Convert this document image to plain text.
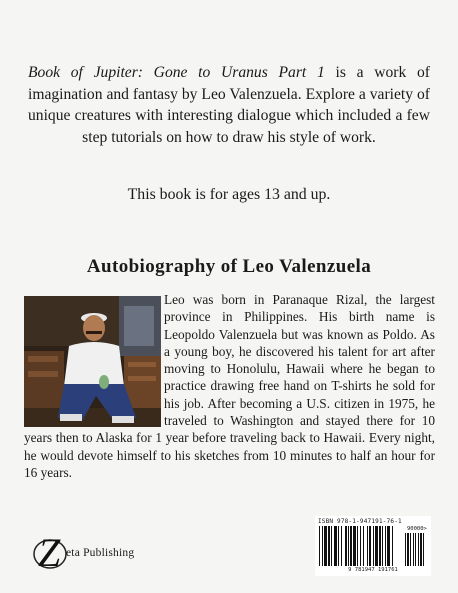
Book of Jupiter: Gone to Uranus Part 1 is a work of imagination and fantasy by Leo Valenzuela. Explore a variety of unique creatures with interesting dialogue which included a few step tutorials on how to draw his style of work.
This book is for ages 13 and up.
Autobiography of Leo Valenzuela
Leo was born in Paranaque Rizal, the largest province in Philippines. His birth name is Leopoldo Valenzuela but was known as Poldo. As a young boy, he discovered his talent for art after moving to Honolulu, Hawaii where he began to practice drawing free hand on T-shirts he sold for his job. After becoming a U.S. citizen in 1975, he traveled to Washington and stayed there for 10 years then to Alaska for 1 year before traveling back to Hawaii. Every night, he would devote himself to his sketches from 10 minutes to half an hour for 16 years.
Z eta Publishing
ISBN 978-1-947191-76-1
90000>
9 781947 191761
